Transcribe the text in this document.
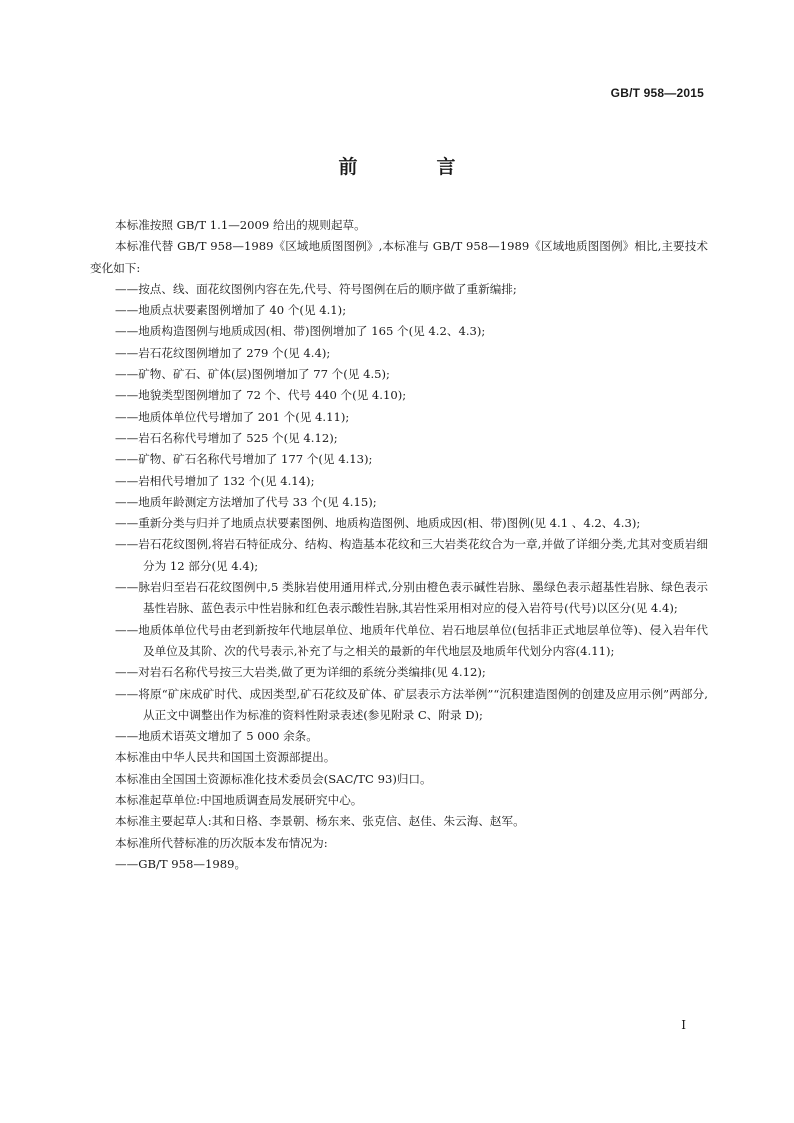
GB/T 958—2015
前　言

本标准按照 GB/T 1.1—2009 给出的规则起草。

本标准代替 GB/T 958—1989《区域地质图图例》,本标准与 GB/T 958—1989《区域地质图图例》相比,主要技术变化如下:

——按点、线、面花纹图例内容在先,代号、符号图例在后的顺序做了重新编排;

——地质点状要素图例增加了 40 个(见 4.1);

——地质构造图例与地质成因(相、带)图例增加了 165 个(见 4.2、4.3);

——岩石花纹图例增加了 279 个(见 4.4);

——矿物、矿石、矿体(层)图例增加了 77 个(见 4.5);

——地貌类型图例增加了 72 个、代号 440 个(见 4.10);

——地质体单位代号增加了 201 个(见 4.11);

——岩石名称代号增加了 525 个(见 4.12);

——矿物、矿石名称代号增加了 177 个(见 4.13);

——岩相代号增加了 132 个(见 4.14);

——地质年龄测定方法增加了代号 33 个(见 4.15);

——重新分类与归并了地质点状要素图例、地质构造图例、地质成因(相、带)图例(见 4.1 、4.2、4.3);

——岩石花纹图例,将岩石特征成分、结构、构造基本花纹和三大岩类花纹合为一章,并做了详细分类,尤其对变质岩细分为 12 部分(见 4.4);

——脉岩归至岩石花纹图例中,5 类脉岩使用通用样式,分别由橙色表示碱性岩脉、墨绿色表示超基性岩脉、绿色表示基性岩脉、蓝色表示中性岩脉和红色表示酸性岩脉,其岩性采用相对应的侵入岩符号(代号)以区分(见 4.4);

——地质体单位代号由老到新按年代地层单位、地质年代单位、岩石地层单位(包括非正式地层单位等)、侵入岩年代及单位及其阶、次的代号表示,补充了与之相关的最新的年代地层及地质年代划分内容(4.11);

——对岩石名称代号按三大岩类,做了更为详细的系统分类编排(见 4.12);

——将原“矿床成矿时代、成因类型,矿石花纹及矿体、矿层表示方法举例”“沉积建造图例的创建及应用示例”两部分,从正文中调整出作为标准的资料性附录表述(参见附录 C、附录 D);

——地质术语英文增加了 5 000 余条。

本标准由中华人民共和国国土资源部提出。

本标准由全国国土资源标准化技术委员会(SAC/TC 93)归口。

本标准起草单位:中国地质调查局发展研究中心。

本标准主要起草人:其和日格、李景朝、杨东来、张克信、赵佳、朱云海、赵军。

本标准所代替标准的历次版本发布情况为:

——GB/T 958—1989。

I
